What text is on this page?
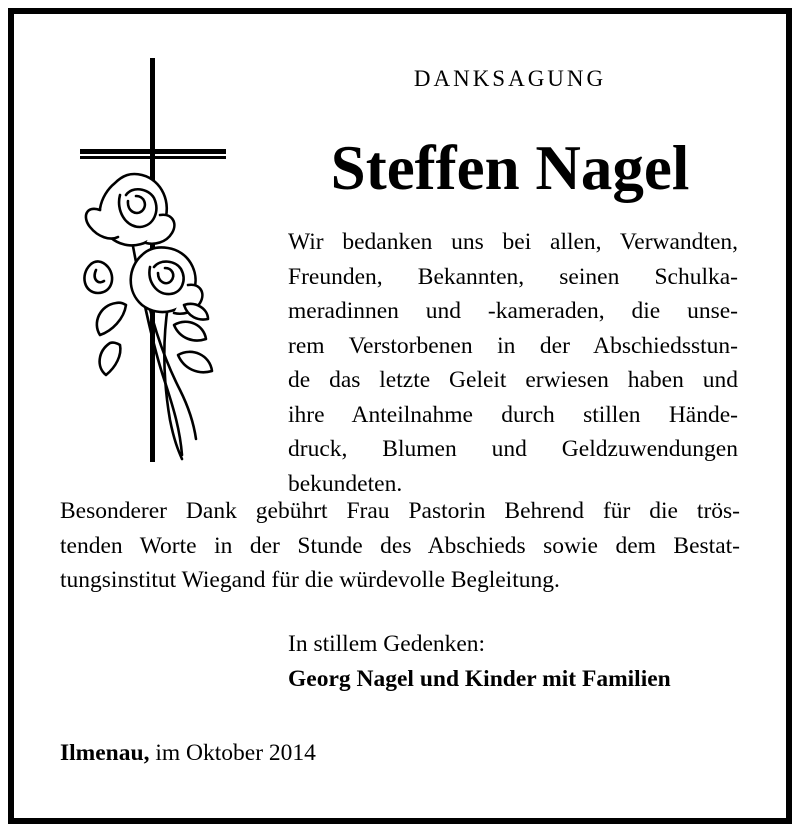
DANKSAGUNG
Steffen Nagel
Wir bedanken uns bei allen, Verwandten,
Freunden, Bekannten, seinen Schulka-
meradinnen und -kameraden, die unse-
rem Verstorbenen in der Abschiedsstun-
de das letzte Geleit erwiesen haben und
ihre Anteilnahme durch stillen Hände-
druck, Blumen und Geldzuwendungen
bekundeten.
Besonderer Dank gebührt Frau Pastorin Behrend für die trös-
tenden Worte in der Stunde des Abschieds sowie dem Bestat-
tungsinstitut Wiegand für die würdevolle Begleitung.
In stillem Gedenken:
Georg Nagel und Kinder mit Familien
Ilmenau, im Oktober 2014
